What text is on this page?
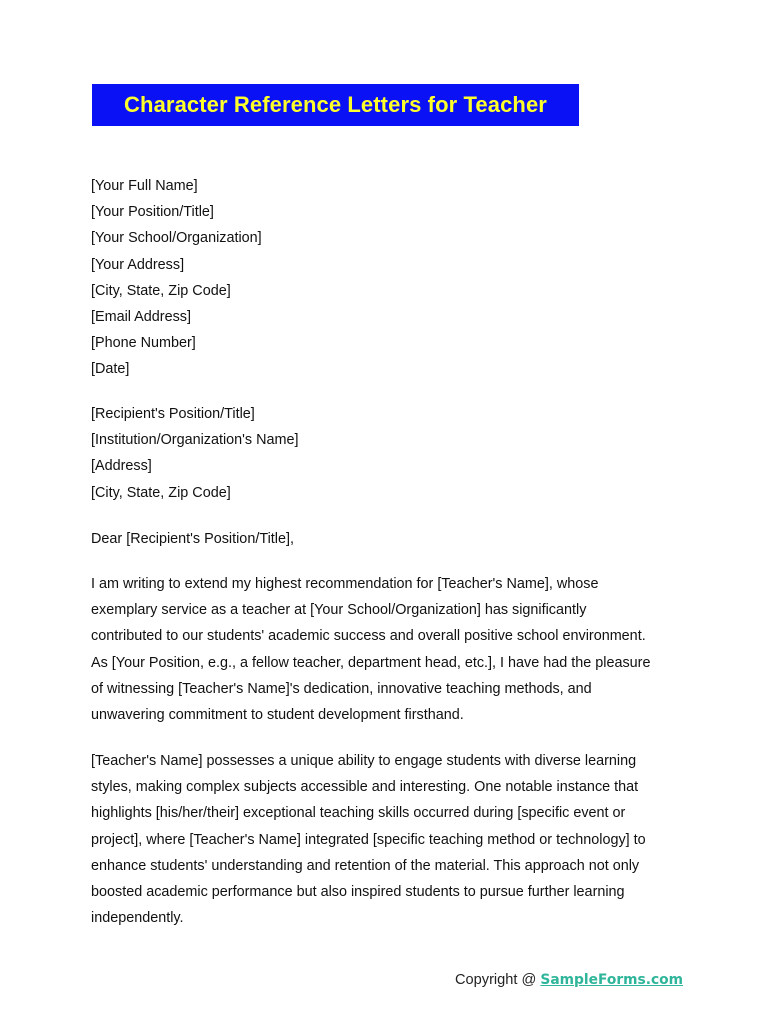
Character Reference Letters for Teacher
[Your Full Name]
[Your Position/Title]
[Your School/Organization]
[Your Address]
[City, State, Zip Code]
[Email Address]
[Phone Number]
[Date]
[Recipient's Position/Title]
[Institution/Organization's Name]
[Address]
[City, State, Zip Code]
Dear [Recipient's Position/Title],
I am writing to extend my highest recommendation for [Teacher's Name], whose
exemplary service as a teacher at [Your School/Organization] has significantly
contributed to our students' academic success and overall positive school environment.
As [Your Position, e.g., a fellow teacher, department head, etc.], I have had the pleasure
of witnessing [Teacher's Name]'s dedication, innovative teaching methods, and
unwavering commitment to student development firsthand.
[Teacher's Name] possesses a unique ability to engage students with diverse learning
styles, making complex subjects accessible and interesting. One notable instance that
highlights [his/her/their] exceptional teaching skills occurred during [specific event or
project], where [Teacher's Name] integrated [specific teaching method or technology] to
enhance students' understanding and retention of the material. This approach not only
boosted academic performance but also inspired students to pursue further learning
independently.
Copyright @ SampleForms.com
